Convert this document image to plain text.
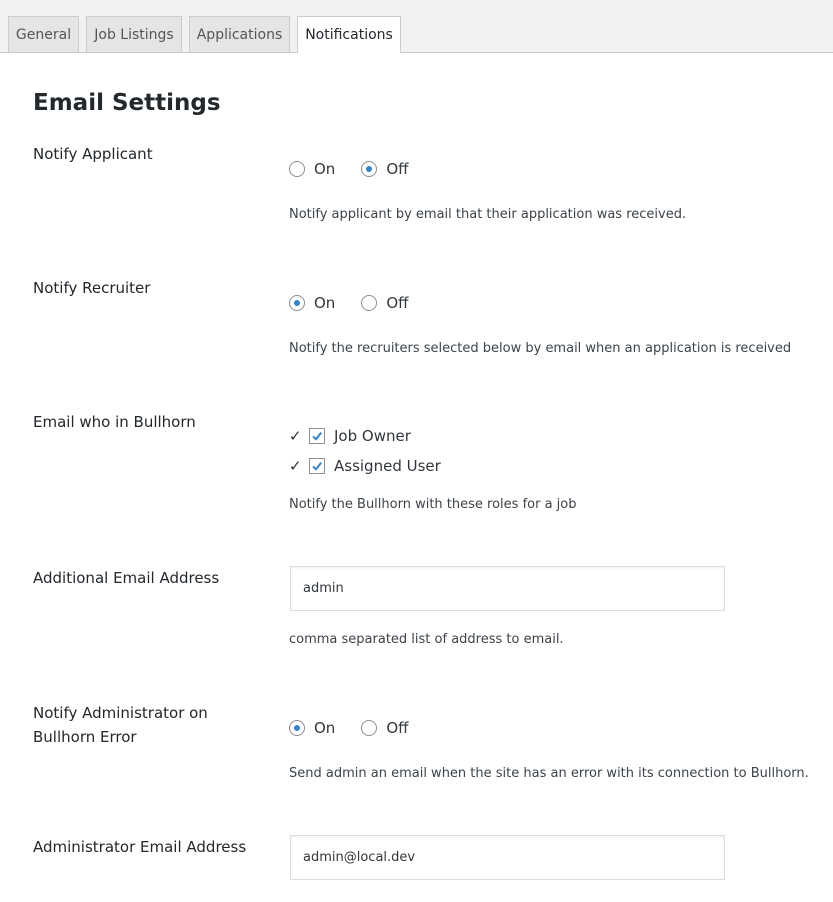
General	Job Listings	Applications	Notifications
Email Settings
Notify Applicant
On	Off
Notify applicant by email that their application was received.
Notify Recruiter
On	Off
Notify the recruiters selected below by email when an application is received
Email who in Bullhorn
✓	Job Owner
✓	Assigned User
Notify the Bullhorn with these roles for a job
Additional Email Address
admin
comma separated list of address to email.
Notify Administrator on
Bullhorn Error	On	Off
Send admin an email when the site has an error with its connection to Bullhorn.
Administrator Email Address
admin@local.dev
